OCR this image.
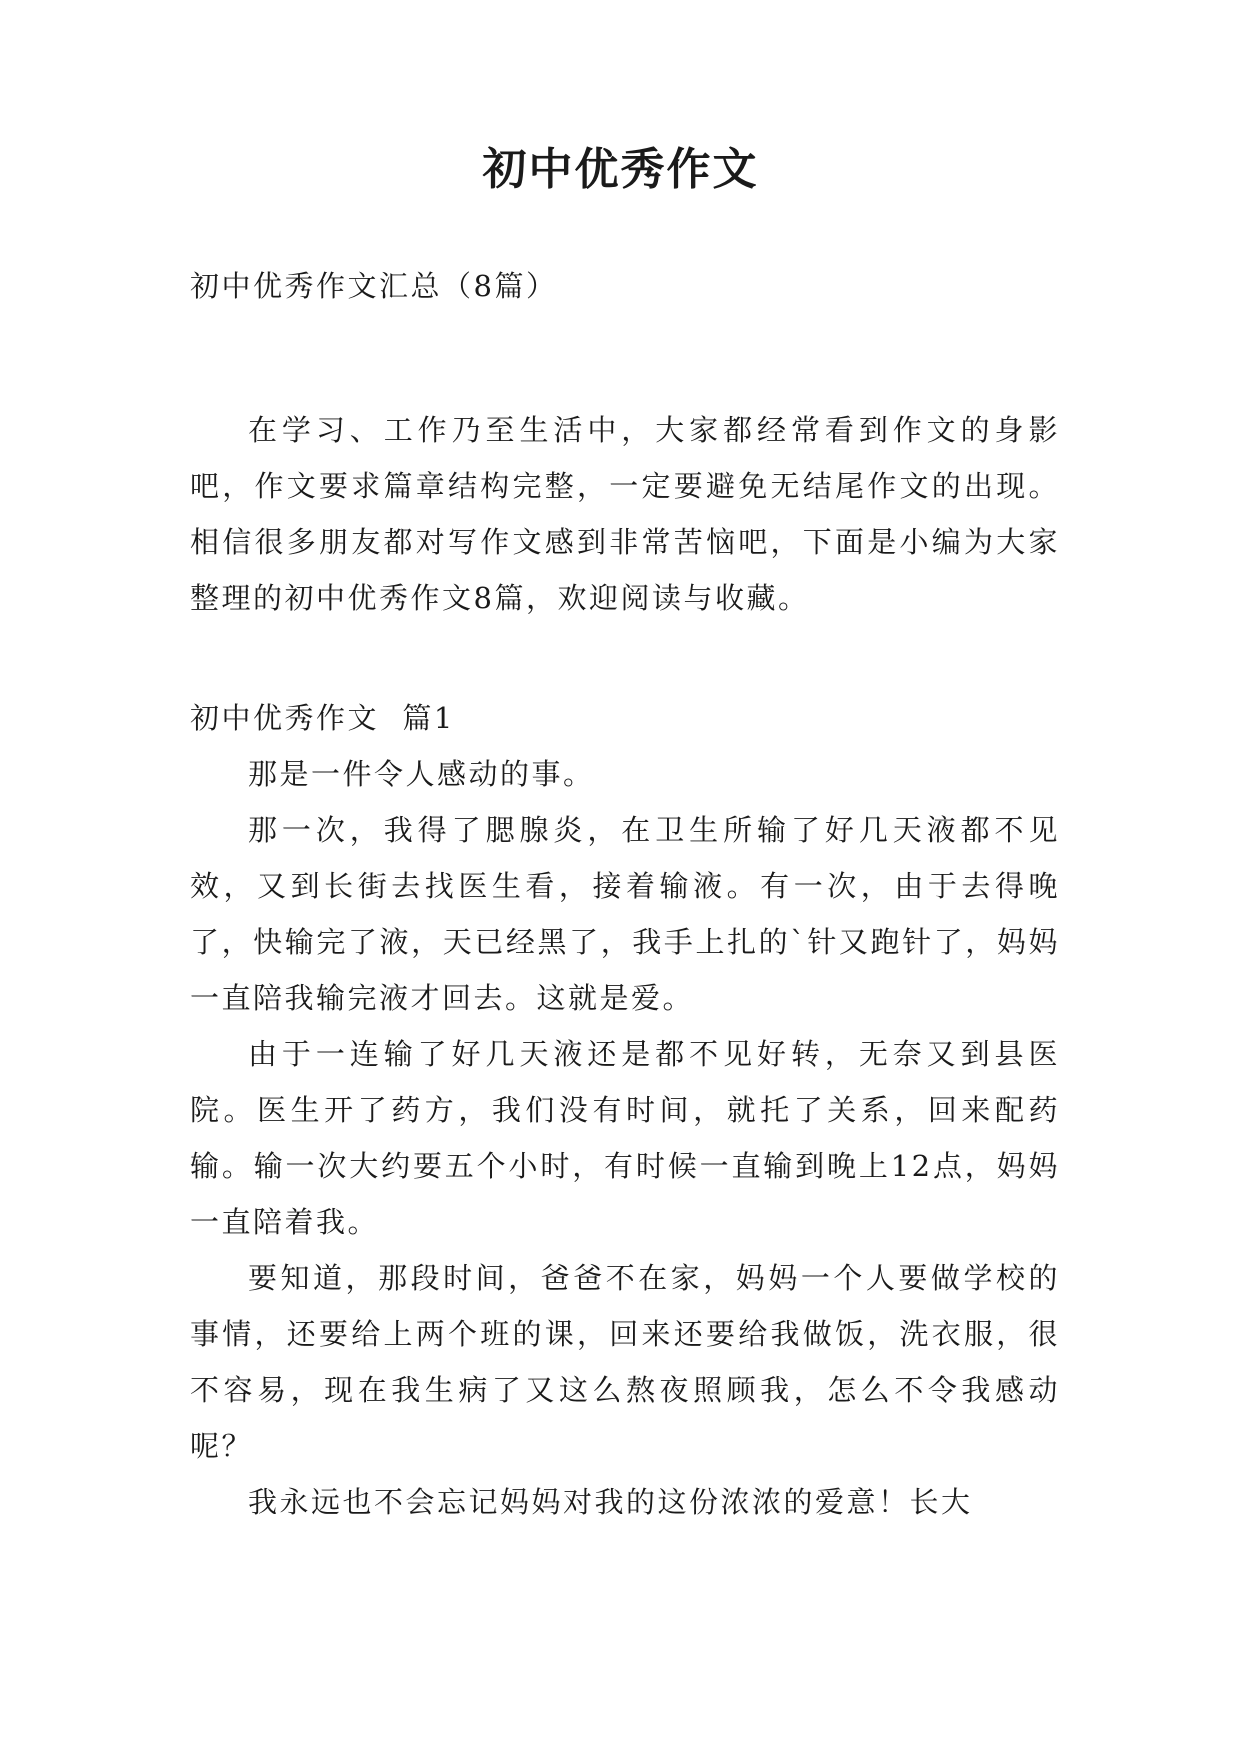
初中优秀作文

初中优秀作文汇总（8篇）

在学习、工作乃至生活中，大家都经常看到作文的身影吧，作文要求篇章结构完整，一定要避免无结尾作文的出现。相信很多朋友都对写作文感到非常苦恼吧，下面是小编为大家整理的初中优秀作文8篇，欢迎阅读与收藏。

初中优秀作文  篇1

那是一件令人感动的事。

那一次，我得了腮腺炎，在卫生所输了好几天液都不见效，又到长街去找医生看，接着输液。有一次，由于去得晚了，快输完了液，天已经黑了，我手上扎的`针又跑针了，妈妈一直陪我输完液才回去。这就是爱。

由于一连输了好几天液还是都不见好转，无奈又到县医院。医生开了药方，我们没有时间，就托了关系，回来配药输。输一次大约要五个小时，有时候一直输到晚上12点，妈妈一直陪着我。

要知道，那段时间，爸爸不在家，妈妈一个人要做学校的事情，还要给上两个班的课，回来还要给我做饭，洗衣服，很不容易，现在我生病了又这么熬夜照顾我，怎么不令我感动呢？

我永远也不会忘记妈妈对我的这份浓浓的爱意！长大
